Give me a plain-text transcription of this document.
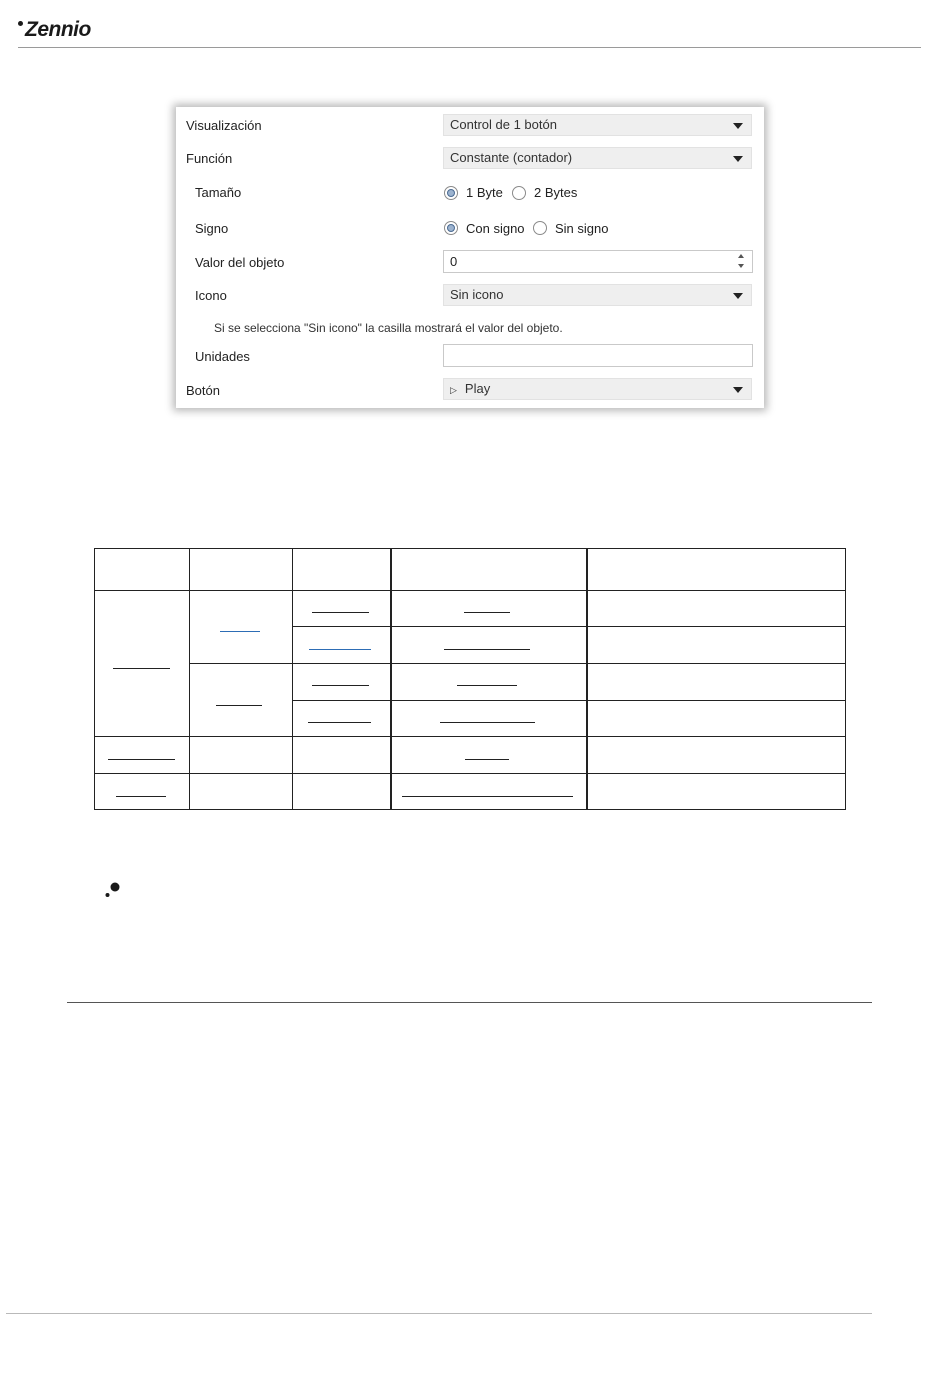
Zennio
Visualización	Control de 1 botón
Función	Constante (contador)
Tamaño	1 Byte 2 Bytes
Signo	Con signo Sin signo
Valor del objeto	0
Icono	Sin icono
Si se selecciona "Sin icono" la casilla mostrará el valor del objeto.
Unidades
Botón	▷ Play
